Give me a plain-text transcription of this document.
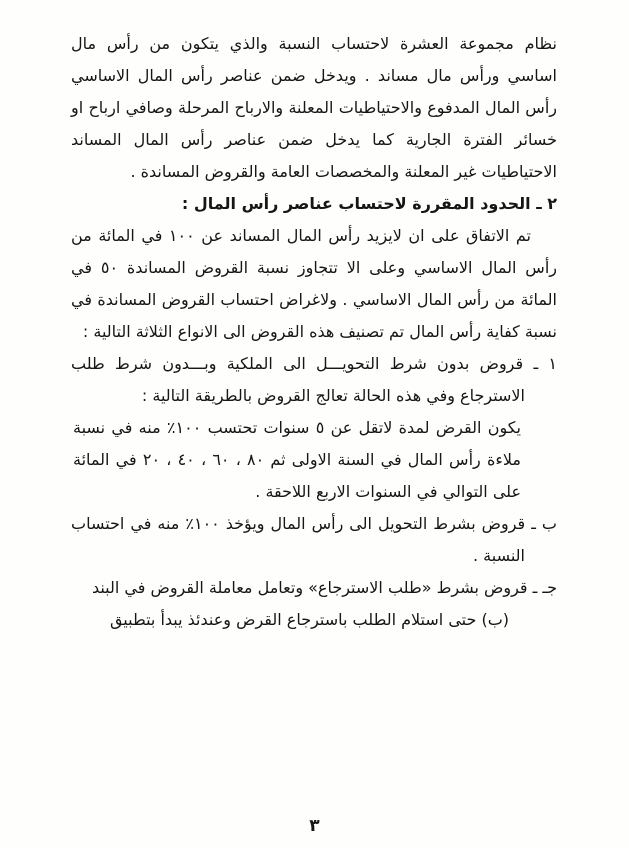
نظام مجموعة العشرة لاحتساب النسبة والذي يتكون من رأس مال اساسي ورأس مال مساند . ويدخل ضمن عناصر رأس المال الاساسي رأس المال المدفوع والاحتياطيات المعلنة والارباح المرحلة وصافي ارباح او خسائر الفترة الجارية كما يدخل ضمن عناصر رأس المال المساند الاحتياطيات غير المعلنة والمخصصات العامة والقروض المساندة .

٢ ـ الحدود المقررة لاحتساب عناصر رأس المال :

تم الاتفاق على ان لايزيد رأس المال المساند عن ١٠٠ في المائة من رأس المال الاساسي وعلى الا تتجاوز نسبة القروض المساندة ٥٠ في المائة من رأس المال الاساسي . ولاغراض احتساب القروض المساندة في نسبة كفاية رأس المال تم تصنيف هذه القروض الى الانواع الثلاثة التالية :

١ ـ قروض بدون شرط التحويـــل الى الملكية وبـــدون شرط طلب الاسترجاع وفي هذه الحالة تعالج القروض بالطريقة التالية :

يكون القرض لمدة لاتقل عن ٥ سنوات تحتسب ١٠٠٪ منه في نسبة ملاءة رأس المال في السنة الاولى ثم ٨٠ ، ٦٠ ، ٤٠ ، ٢٠ في المائة على التوالي في السنوات الاربع اللاحقة .

ب ـ قروض بشرط التحويل الى رأس المال ويؤخذ ١٠٠٪ منه في احتساب النسبة .

جـ ـ قروض بشرط «طلب الاسترجاع» وتعامل معاملة القروض في البند

(ب) حتى استلام الطلب باسترجاع القرض وعندئذ يبدأ بتطبيق

٣
